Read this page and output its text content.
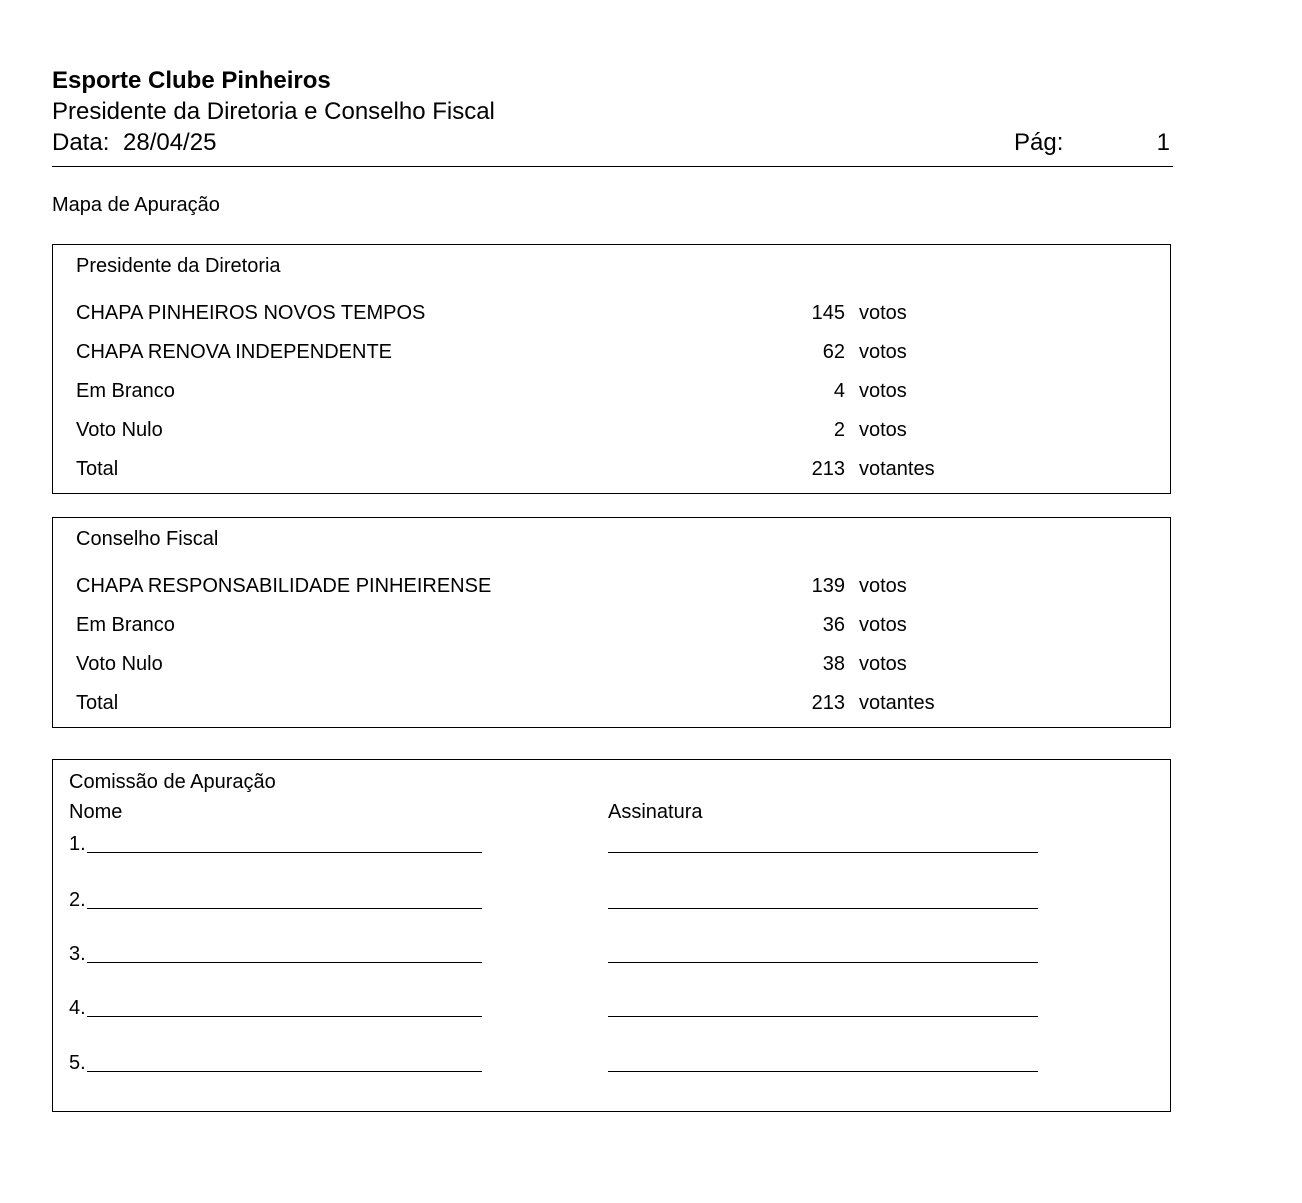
Esporte Clube Pinheiros
Presidente da Diretoria e Conselho Fiscal
Data: 28/04/25	Pág:	1
Mapa de Apuração
Presidente da Diretoria
CHAPA PINHEIROS NOVOS TEMPOS	145 votos
CHAPA RENOVA INDEPENDENTE	62 votos
Em Branco	4 votos
Voto Nulo	2 votos
Total	213 votantes
Conselho Fiscal
CHAPA RESPONSABILIDADE PINHEIRENSE	139 votos
Em Branco	36 votos
Voto Nulo	38 votos
Total	213 votantes
Comissão de Apuração
Nome	Assinatura
1.
2.
3.
4.
5.
